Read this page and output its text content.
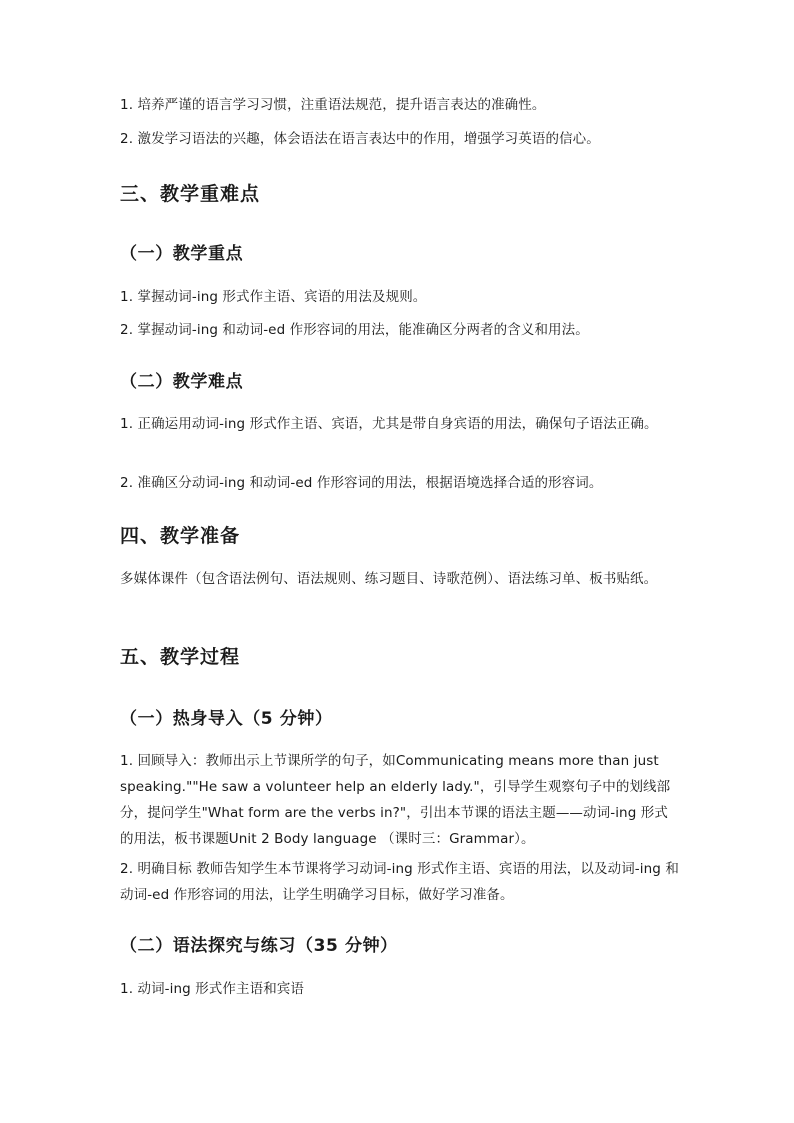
1. 培养严谨的语言学习习惯，注重语法规范，提升语言表达的准确性。

2. 激发学习语法的兴趣，体会语法在语言表达中的作用，增强学习英语的信心。

三、教学重难点
（一）教学重点

1. 掌握动词-ing 形式作主语、宾语的用法及规则。

2. 掌握动词-ing 和动词-ed 作形容词的用法，能准确区分两者的含义和用法。

（二）教学难点

1. 正确运用动词-ing 形式作主语、宾语，尤其是带自身宾语的用法，确保句子语法正确。

2. 准确区分动词-ing 和动词-ed 作形容词的用法，根据语境选择合适的形容词。

四、教学准备

多媒体课件（包含语法例句、语法规则、练习题目、诗歌范例）、语法练习单、板书贴纸。

五、教学过程
（一）热身导入（5 分钟）

1. 回顾导入：教师出示上节课所学的句子，如Communicating means more than just speaking.""He saw a volunteer help an elderly lady."，引导学生观察句子中的划线部分，提问学生"What form are the verbs in?"，引出本节课的语法主题——动词-ing 形式的用法，板书课题Unit 2 Body language （课时三：Grammar）。

2. 明确目标 教师告知学生本节课将学习动词-ing 形式作主语、宾语的用法，以及动词-ing 和动词-ed 作形容词的用法，让学生明确学习目标，做好学习准备。

（二）语法探究与练习（35 分钟）

1. 动词-ing 形式作主语和宾语
